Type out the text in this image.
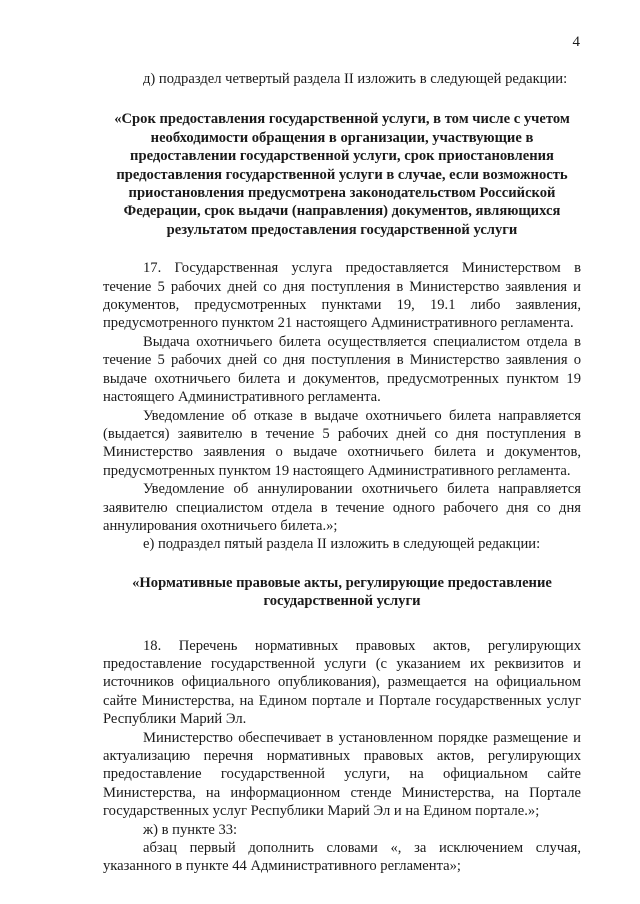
4

д) подраздел четвертый раздела II изложить в следующей редакции:

«Срок предоставления государственной услуги, в том числе с учетом необходимости обращения в организации, участвующие в предоставлении государственной услуги, срок приостановления предоставления государственной услуги в случае, если возможность приостановления предусмотрена законодательством Российской Федерации, срок выдачи (направления) документов, являющихся результатом предоставления государственной услуги

17. Государственная услуга предоставляется Министерством в течение 5 рабочих дней со дня поступления в Министерство заявления и документов, предусмотренных пунктами 19, 19.1 либо заявления, предусмотренного пунктом 21 настоящего Административного регламента.

Выдача охотничьего билета осуществляется специалистом отдела в течение 5 рабочих дней со дня поступления в Министерство заявления о выдаче охотничьего билета и документов, предусмотренных пунктом 19 настоящего Административного регламента.

Уведомление об отказе в выдаче охотничьего билета направляется (выдается) заявителю в течение 5 рабочих дней со дня поступления в Министерство заявления о выдаче охотничьего билета и документов, предусмотренных пунктом 19 настоящего Административного регламента.

Уведомление об аннулировании охотничьего билета направляется заявителю специалистом отдела в течение одного рабочего дня со дня аннулирования охотничьего билета.»;

е) подраздел пятый раздела II изложить в следующей редакции:

«Нормативные правовые акты, регулирующие предоставление государственной услуги

18. Перечень нормативных правовых актов, регулирующих предоставление государственной услуги (с указанием их реквизитов и источников официального опубликования), размещается на официальном сайте Министерства, на Едином портале и Портале государственных услуг Республики Марий Эл.

Министерство обеспечивает в установленном порядке размещение и актуализацию перечня нормативных правовых актов, регулирующих предоставление государственной услуги, на официальном сайте Министерства, на информационном стенде Министерства, на Портале государственных услуг Республики Марий Эл и на Едином портале.»;

ж) в пункте 33:

абзац первый дополнить словами «, за исключением случая, указанного в пункте 44 Административного регламента»;
